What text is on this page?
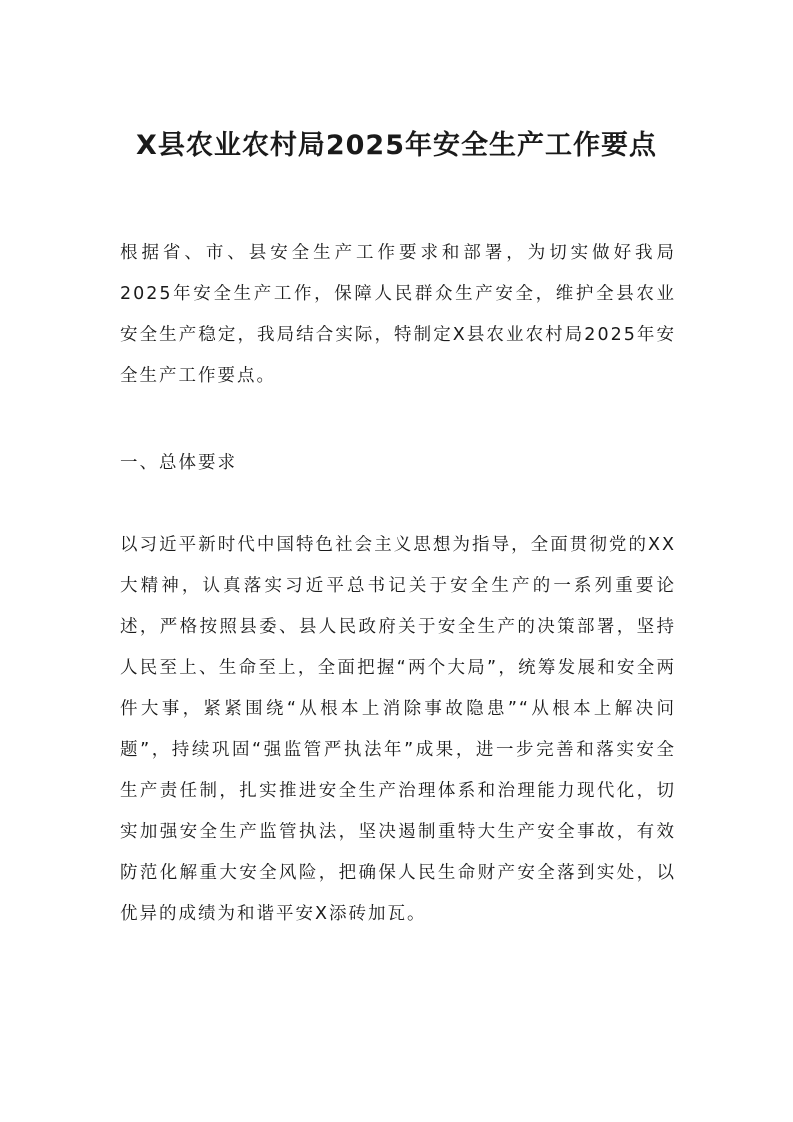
X县农业农村局2025年安全生产工作要点

根据省、市、县安全生产工作要求和部署，为切实做好我局2025年安全生产工作，保障人民群众生产安全，维护全县农业安全生产稳定，我局结合实际，特制定X县农业农村局2025年安全生产工作要点。

一、总体要求

以习近平新时代中国特色社会主义思想为指导，全面贯彻党的XX大精神，认真落实习近平总书记关于安全生产的一系列重要论述，严格按照县委、县人民政府关于安全生产的决策部署，坚持人民至上、生命至上，全面把握“两个大局”，统筹发展和安全两件大事，紧紧围绕“从根本上消除事故隐患”“从根本上解决问题”，持续巩固“强监管严执法年”成果，进一步完善和落实安全生产责任制，扎实推进安全生产治理体系和治理能力现代化，切实加强安全生产监管执法，坚决遏制重特大生产安全事故，有效防范化解重大安全风险，把确保人民生命财产安全落到实处，以优异的成绩为和谐平安X添砖加瓦。
